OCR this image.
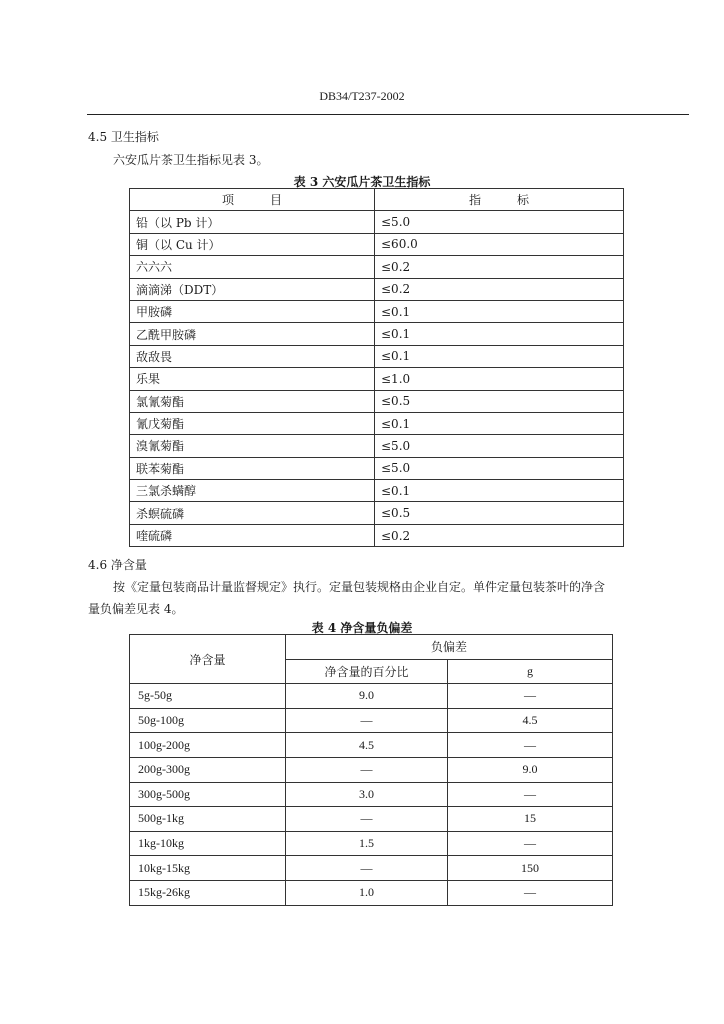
DB34/T237-2002
4.5 卫生指标
六安瓜片茶卫生指标见表 3。
表 3 六安瓜片茶卫生指标
项目	指标
铅（以 Pb 计）	≤5.0
铜（以 Cu 计）	≤60.0
六六六	≤0.2
滴滴涕（DDT）	≤0.2
甲胺磷	≤0.1
乙酰甲胺磷	≤0.1
敌敌畏	≤0.1
乐果	≤1.0
氯氰菊酯	≤0.5
氰戊菊酯	≤0.1
溴氰菊酯	≤5.0
联苯菊酯	≤5.0
三氯杀螨醇	≤0.1
杀螟硫磷	≤0.5
喹硫磷	≤0.2
4.6 净含量
按《定量包装商品计量监督规定》执行。定量包装规格由企业自定。单件定量包装茶叶的净含
量负偏差见表 4。
表 4 净含量负偏差
净含量	负偏差	
	净含量的百分比	g
5g-50g	9.0	—
50g-100g	—	4.5
100g-200g	4.5	—
200g-300g	—	9.0
300g-500g	3.0	—
500g-1kg	—	15
1kg-10kg	1.5	—
10kg-15kg	—	150
15kg-26kg	1.0	—
